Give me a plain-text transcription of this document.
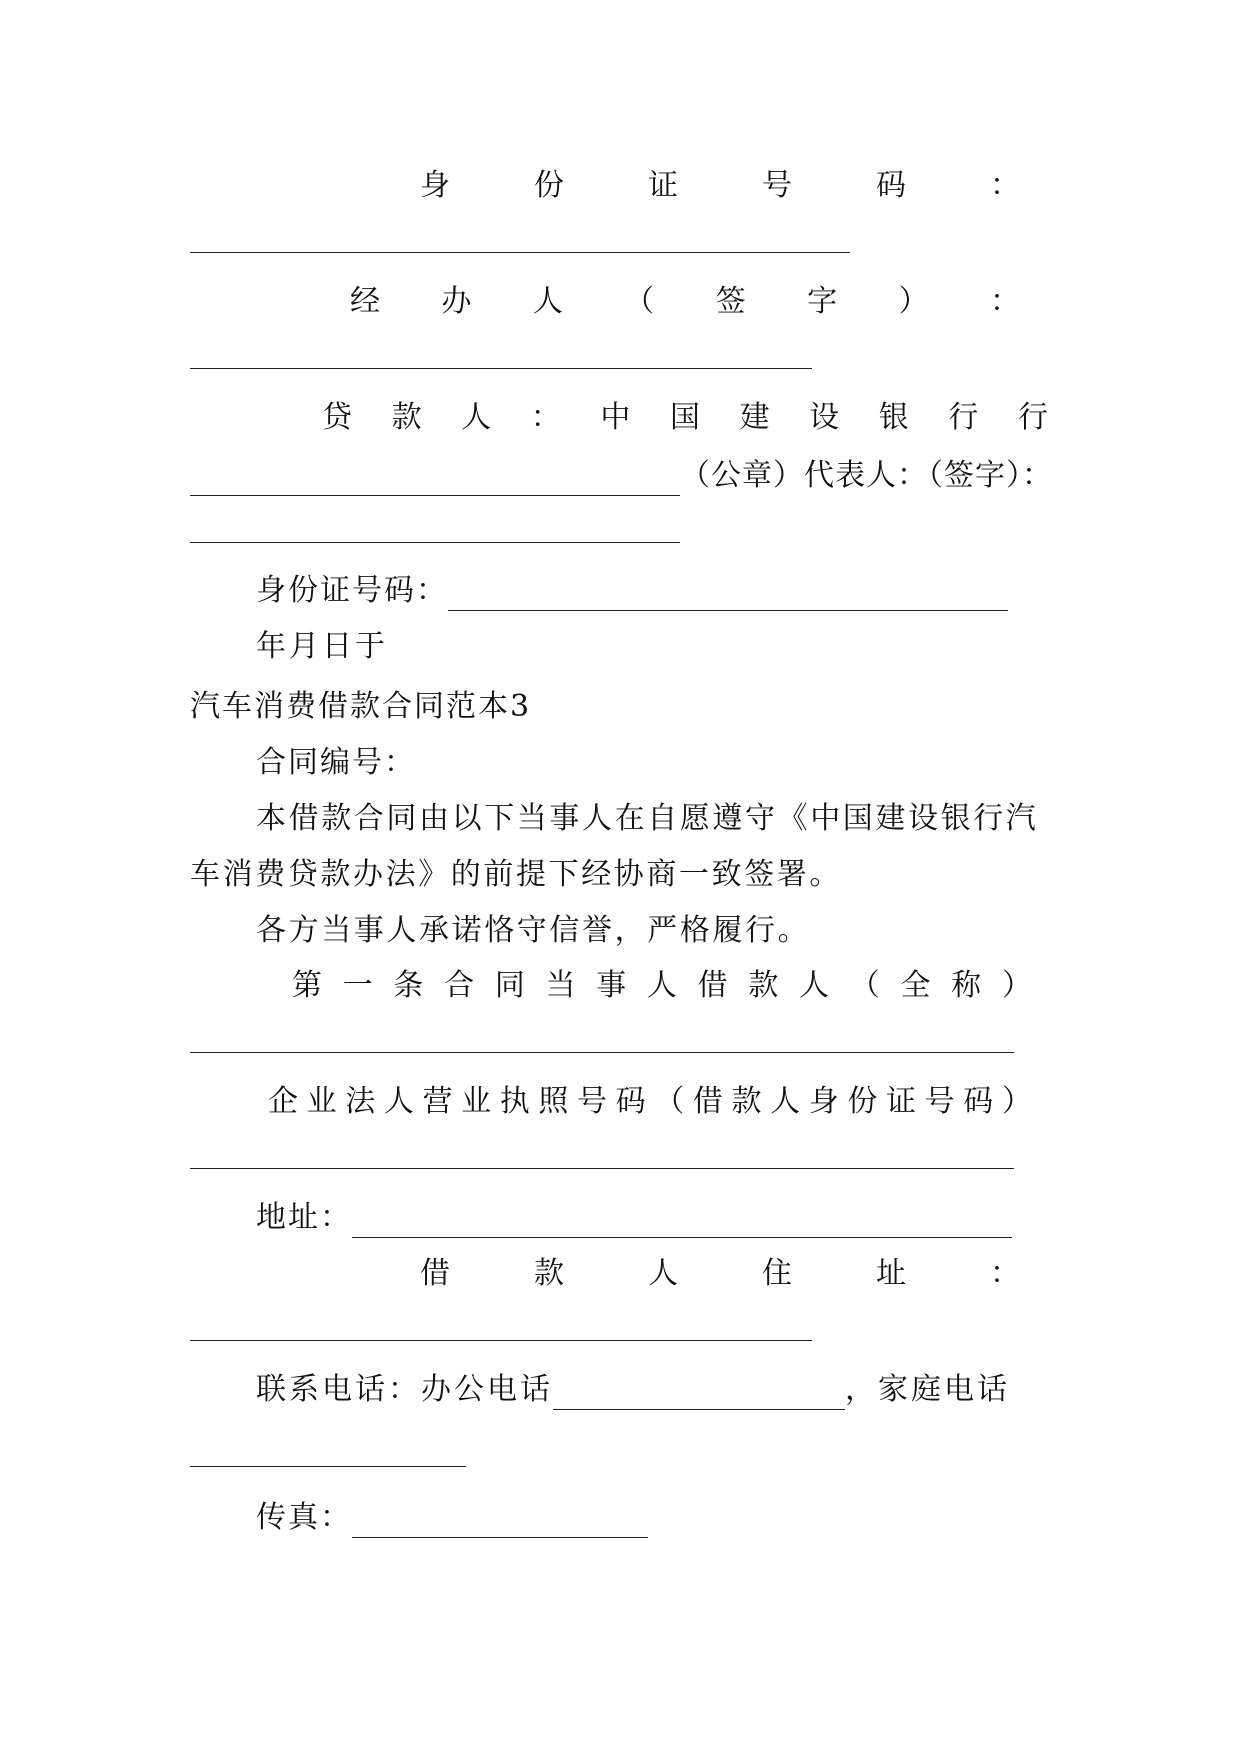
身	份	证	号	码	：
经 办 人 （ 签 字 ） ：
贷 款 人 ： 中 国 建 设 银 行 行
（公章）代表人：（签字）：
身份证号码：
年月日于
汽车消费借款合同范本3
合同编号：
本借款合同由以下当事人在自愿遵守《中国建设银行汽
车消费贷款办法》的前提下经协商一致签署。
各方当事人承诺恪守信誉，严格履行。
第 一 条 合 同 当 事 人 借 款 人 （ 全 称 ）
企 业 法 人 营 业 执 照 号 码 （ 借 款 人 身 份 证 号 码 ）
地址：
借	款	人	住	址	：
联系电话：办公电话	，家庭电话
传真：
